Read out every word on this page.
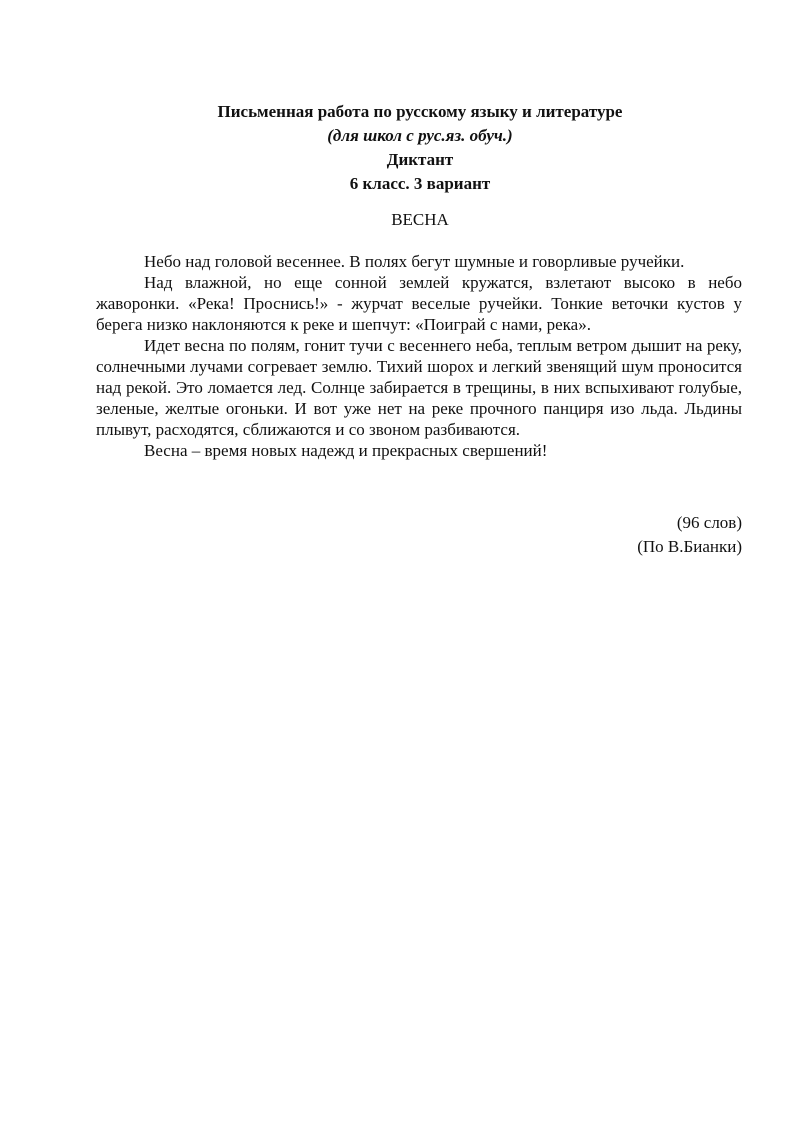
Письменная работа по русскому языку и литературе
(для школ с рус.яз. обуч.)
Диктант
6 класс. 3 вариант
ВЕСНА

Небо над головой весеннее. В полях бегут шумные и говорливые ручейки.

Над влажной, но еще сонной землей кружатся, взлетают высоко в небо жаворонки. «Река! Проснись!» - журчат веселые ручейки. Тонкие веточки кустов у берега низко наклоняются к реке и шепчут: «Поиграй с нами, река».

Идет весна по полям, гонит тучи с весеннего неба, теплым ветром дышит на реку, солнечными лучами согревает землю. Тихий шорох и легкий звенящий шум проносится над рекой. Это ломается лед. Солнце забирается в трещины, в них вспыхивают голубые, зеленые, желтые огоньки. И вот уже нет на реке прочного панциря изо льда. Льдины плывут, расходятся, сближаются и со звоном разбиваются.

Весна – время новых надежд и прекрасных свершений!

(96 слов)
(По В.Бианки)
